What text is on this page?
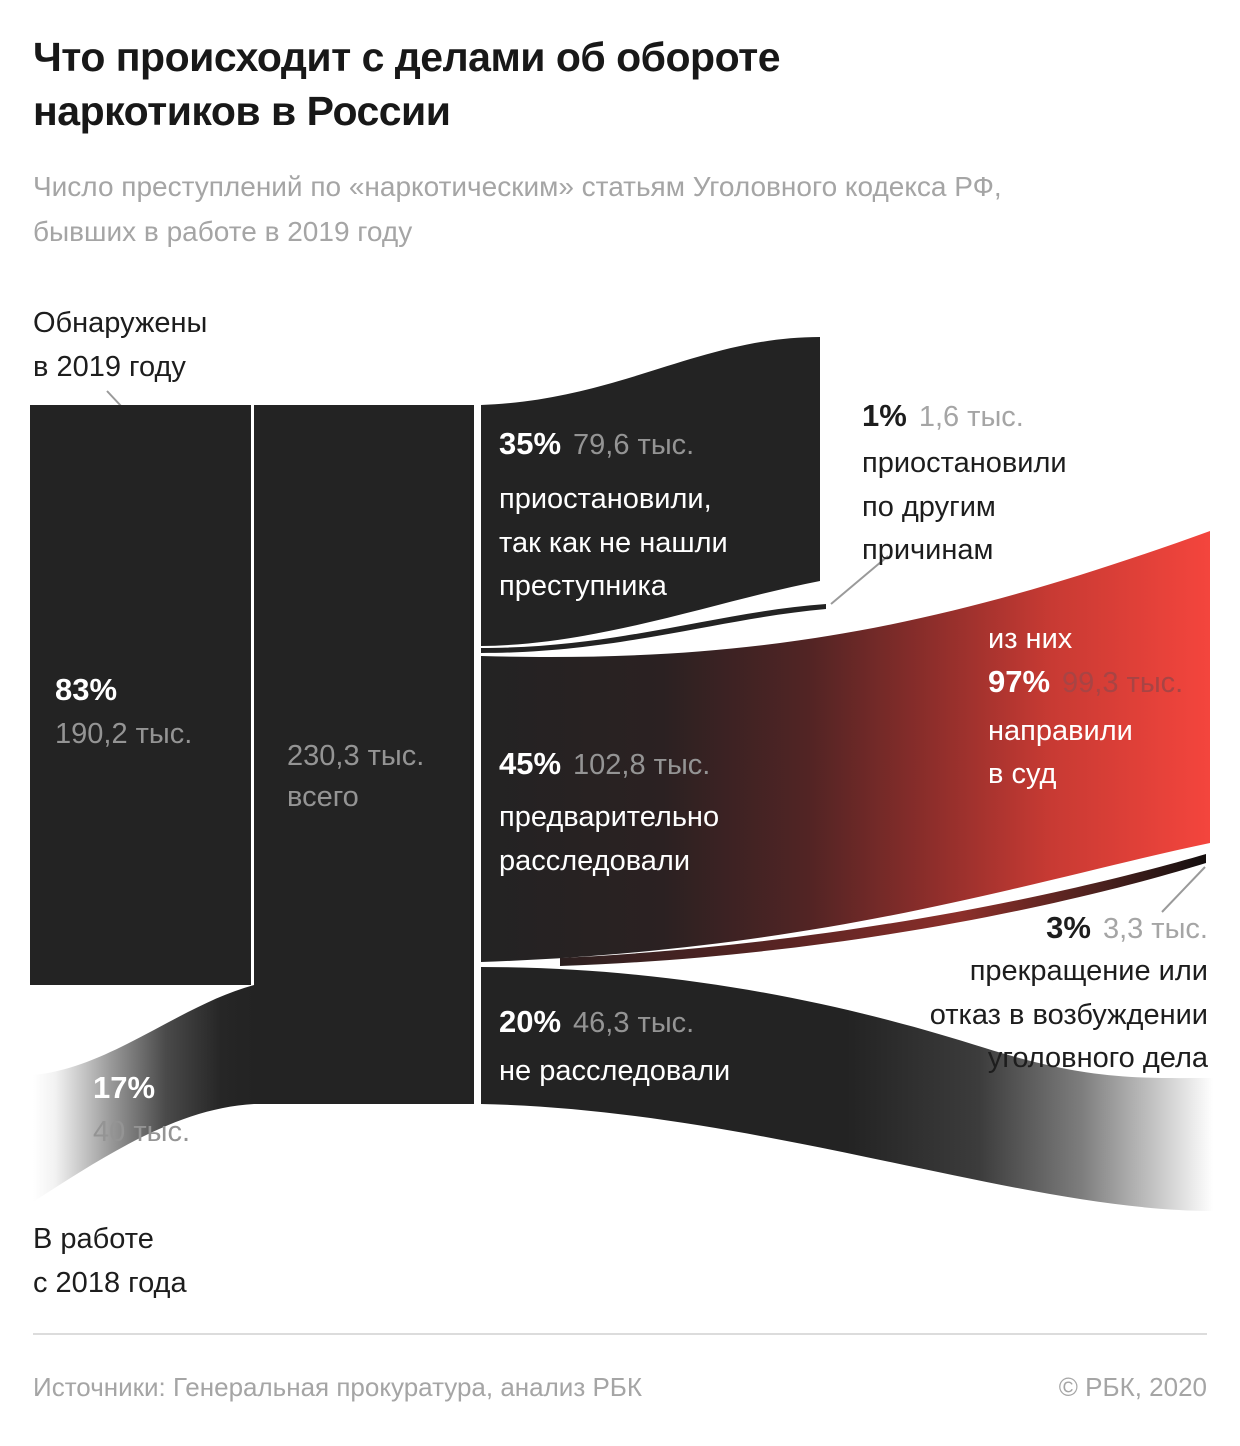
Что происходит с делами об обороте наркотиков в России
Число преступлений по «наркотическим» статьям Уголовного кодекса РФ,
бывших в работе в 2019 году
Обнаружены
в 2019 году
83%
190,2 тыс.
230,3 тыс.
всего
35% 79,6 тыс.
приостановили,
так как не нашли
преступника
1% 1,6 тыс.
приостановили
по другим
причинам
45% 102,8 тыс.
предварительно
расследовали
из них
97% 99,3 тыс.
направили
в суд
3% 3,3 тыс.
прекращение или
отказ в возбуждении
уголовного дела
20% 46,3 тыс.
не расследовали
17%
40 тыс.
В работе
с 2018 года
Источники: Генеральная прокуратура, анализ РБК	© РБК, 2020
